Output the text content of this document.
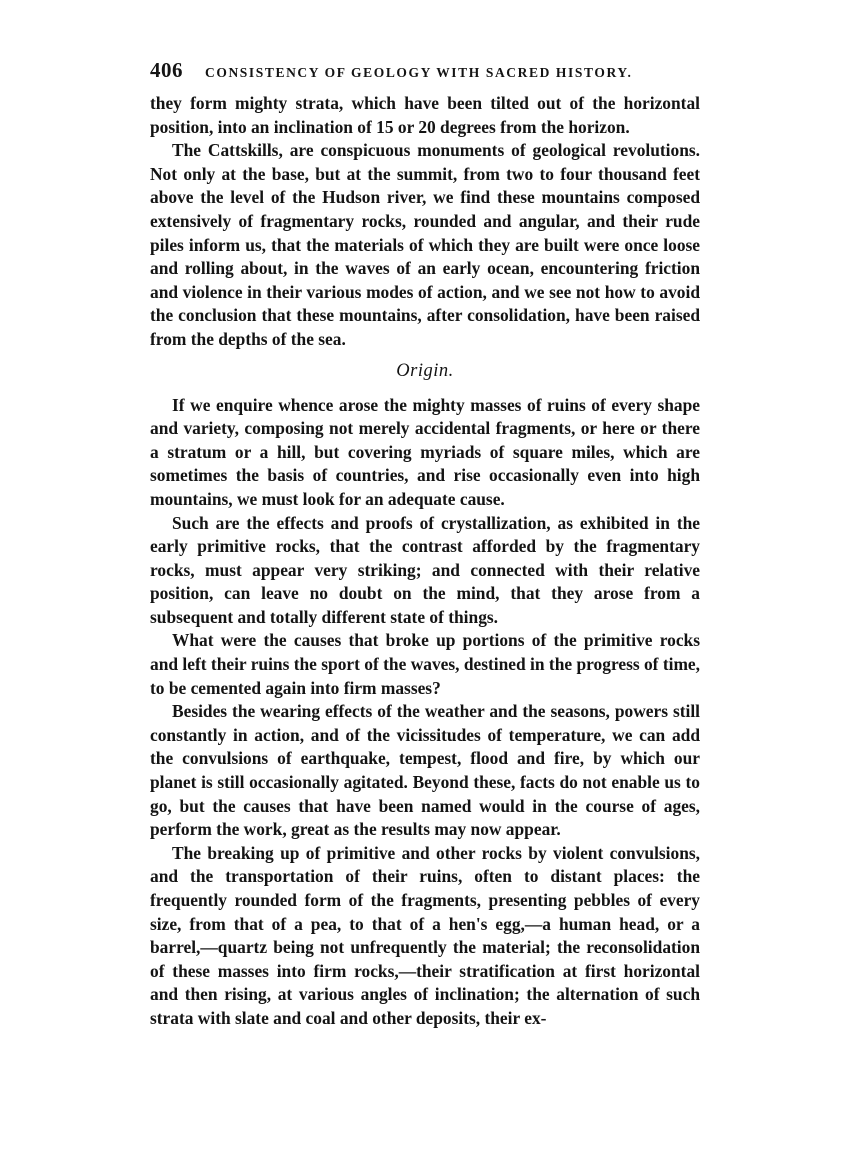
406 CONSISTENCY OF GEOLOGY WITH SACRED HISTORY.

they form mighty strata, which have been tilted out of the horizontal position, into an inclination of 15 or 20 degrees from the horizon.

The Cattskills, are conspicuous monuments of geological revolutions. Not only at the base, but at the summit, from two to four thousand feet above the level of the Hudson river, we find these mountains composed extensively of fragmentary rocks, rounded and angular, and their rude piles inform us, that the materials of which they are built were once loose and rolling about, in the waves of an early ocean, encountering friction and violence in their various modes of action, and we see not how to avoid the conclusion that these mountains, after consolidation, have been raised from the depths of the sea.

Origin.

If we enquire whence arose the mighty masses of ruins of every shape and variety, composing not merely accidental fragments, or here or there a stratum or a hill, but covering myriads of square miles, which are sometimes the basis of countries, and rise occasionally even into high mountains, we must look for an adequate cause.

Such are the effects and proofs of crystallization, as exhibited in the early primitive rocks, that the contrast afforded by the fragmentary rocks, must appear very striking; and connected with their relative position, can leave no doubt on the mind, that they arose from a subsequent and totally different state of things.

What were the causes that broke up portions of the primitive rocks and left their ruins the sport of the waves, destined in the progress of time, to be cemented again into firm masses?

Besides the wearing effects of the weather and the seasons, powers still constantly in action, and of the vicissitudes of temperature, we can add the convulsions of earthquake, tempest, flood and fire, by which our planet is still occasionally agitated. Beyond these, facts do not enable us to go, but the causes that have been named would in the course of ages, perform the work, great as the results may now appear.

The breaking up of primitive and other rocks by violent convulsions, and the transportation of their ruins, often to distant places: the frequently rounded form of the fragments, presenting pebbles of every size, from that of a pea, to that of a hen's egg,—a human head, or a barrel,—quartz being not unfrequently the material; the reconsolidation of these masses into firm rocks,—their stratification at first horizontal and then rising, at various angles of inclination; the alternation of such strata with slate and coal and other deposits, their ex-
